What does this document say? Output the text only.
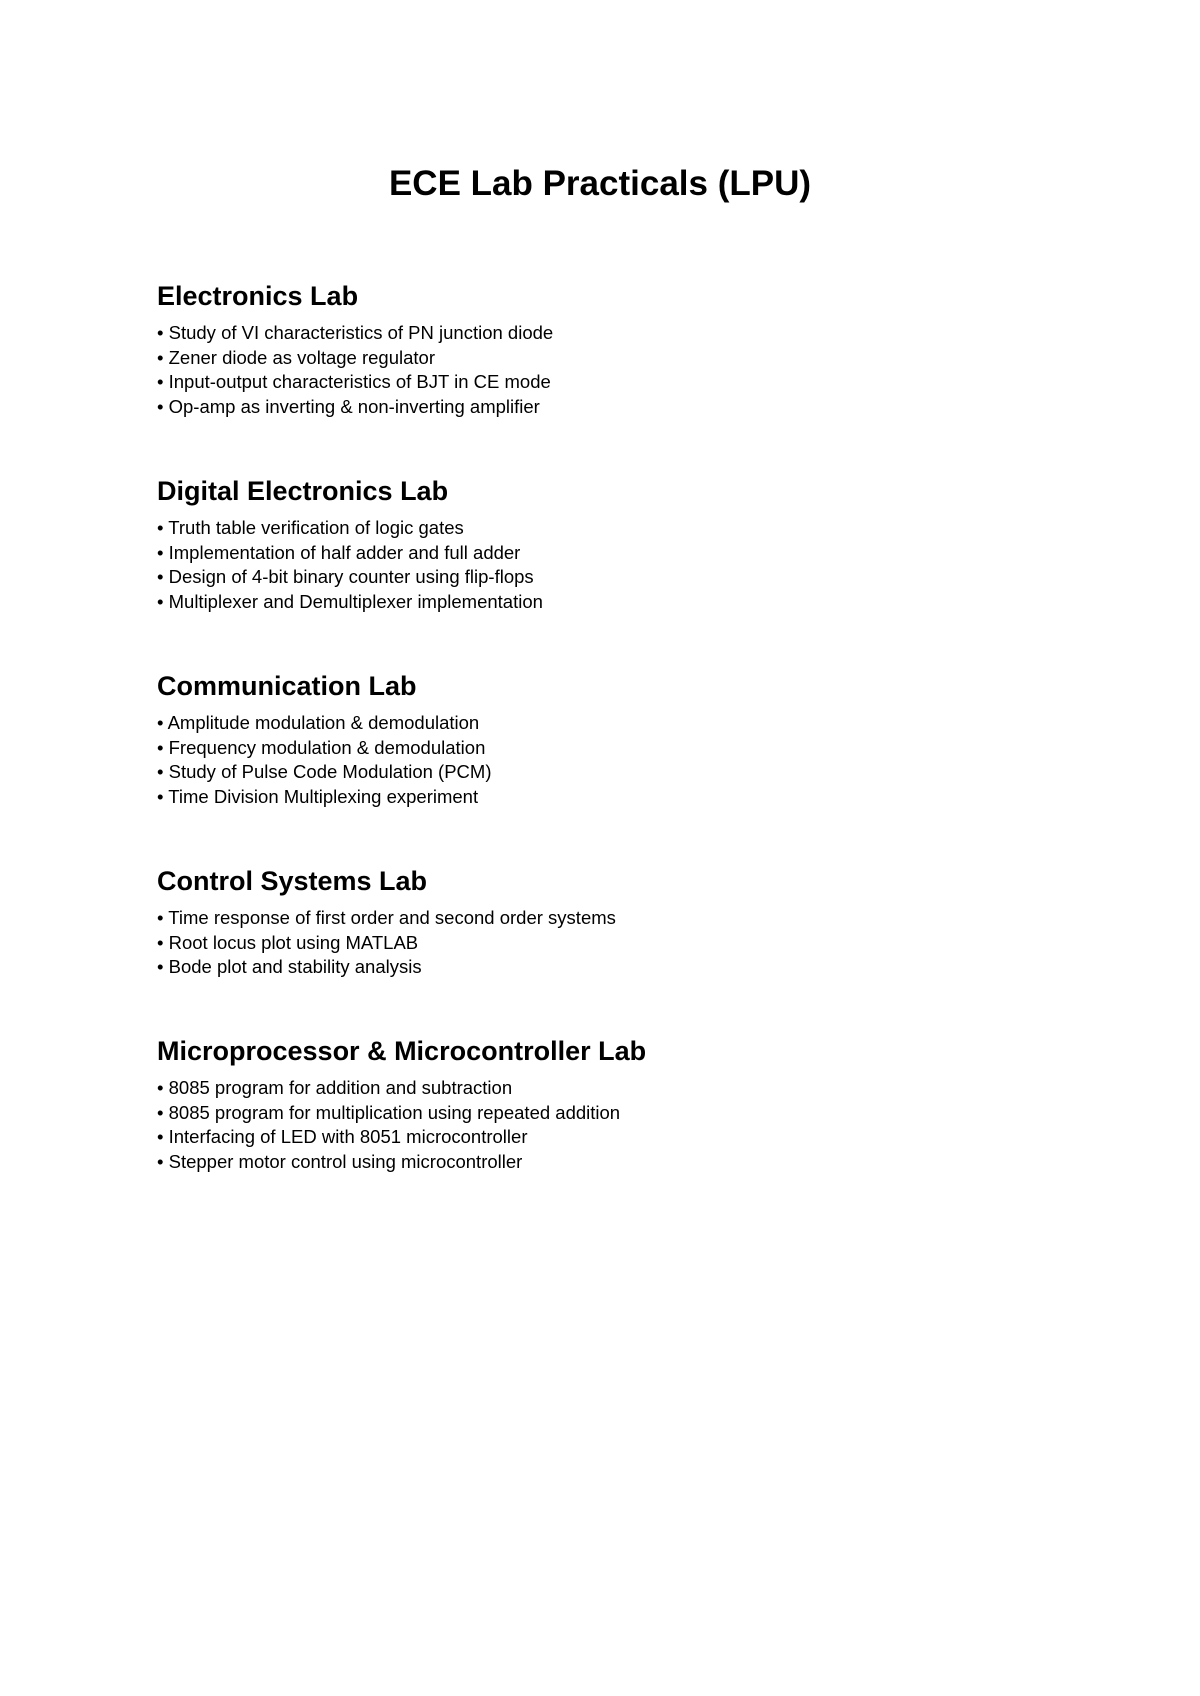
ECE Lab Practicals (LPU)
Electronics Lab
• Study of VI characteristics of PN junction diode
• Zener diode as voltage regulator
• Input-output characteristics of BJT in CE mode
• Op-amp as inverting & non-inverting amplifier
Digital Electronics Lab
• Truth table verification of logic gates
• Implementation of half adder and full adder
• Design of 4-bit binary counter using flip-flops
• Multiplexer and Demultiplexer implementation
Communication Lab
• Amplitude modulation & demodulation
• Frequency modulation & demodulation
• Study of Pulse Code Modulation (PCM)
• Time Division Multiplexing experiment
Control Systems Lab
• Time response of first order and second order systems
• Root locus plot using MATLAB
• Bode plot and stability analysis
Microprocessor & Microcontroller Lab
• 8085 program for addition and subtraction
• 8085 program for multiplication using repeated addition
• Interfacing of LED with 8051 microcontroller
• Stepper motor control using microcontroller
